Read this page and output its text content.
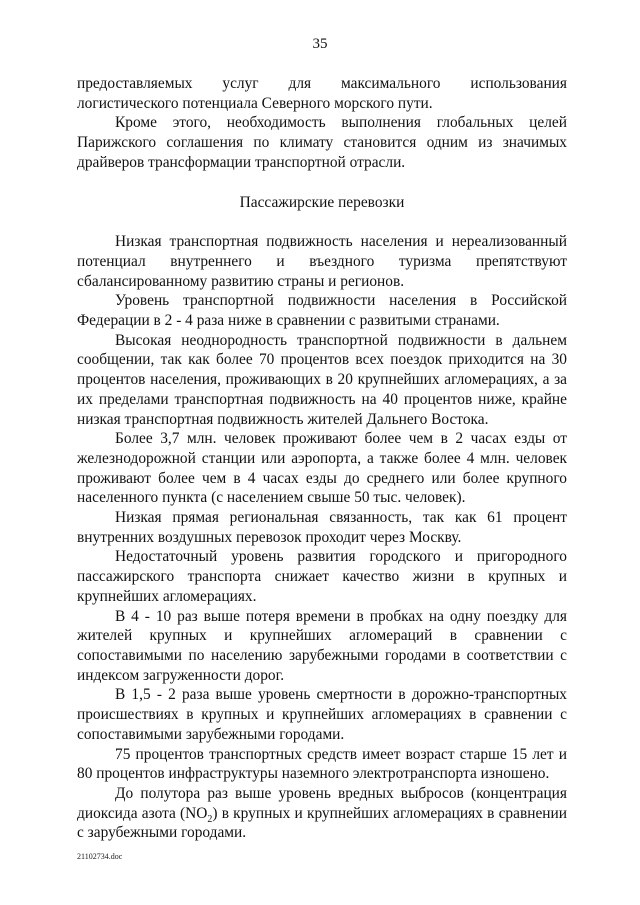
35

предоставляемых услуг для максимального использования логистического потенциала Северного морского пути.

Кроме этого, необходимость выполнения глобальных целей Парижского соглашения по климату становится одним из значимых драйверов трансформации транспортной отрасли.

Пассажирские перевозки

Низкая транспортная подвижность населения и нереализованный потенциал внутреннего и въездного туризма препятствуют сбалансированному развитию страны и регионов.

Уровень транспортной подвижности населения в Российской Федерации в 2 - 4 раза ниже в сравнении с развитыми странами.

Высокая неоднородность транспортной подвижности в дальнем сообщении, так как более 70 процентов всех поездок приходится на 30 процентов населения, проживающих в 20 крупнейших агломерациях, а за их пределами транспортная подвижность на 40 процентов ниже, крайне низкая транспортная подвижность жителей Дальнего Востока.

Более 3,7 млн. человек проживают более чем в 2 часах езды от железнодорожной станции или аэропорта, а также более 4 млн. человек проживают более чем в 4 часах езды до среднего или более крупного населенного пункта (с населением свыше 50 тыс. человек).

Низкая прямая региональная связанность, так как 61 процент внутренних воздушных перевозок проходит через Москву.

Недостаточный уровень развития городского и пригородного пассажирского транспорта снижает качество жизни в крупных и крупнейших агломерациях.

В 4 - 10 раз выше потеря времени в пробках на одну поездку для жителей крупных и крупнейших агломераций в сравнении с сопоставимыми по населению зарубежными городами в соответствии с индексом загруженности дорог.

В 1,5 - 2 раза выше уровень смертности в дорожно-транспортных происшествиях в крупных и крупнейших агломерациях в сравнении с сопоставимыми зарубежными городами.

75 процентов транспортных средств имеет возраст старше 15 лет и 80 процентов инфраструктуры наземного электротранспорта изношено.

До полутора раз выше уровень вредных выбросов (концентрация диоксида азота $(NO_2)$ в крупных и крупнейших агломерациях в сравнении с зарубежными городами.

21102734.doc
